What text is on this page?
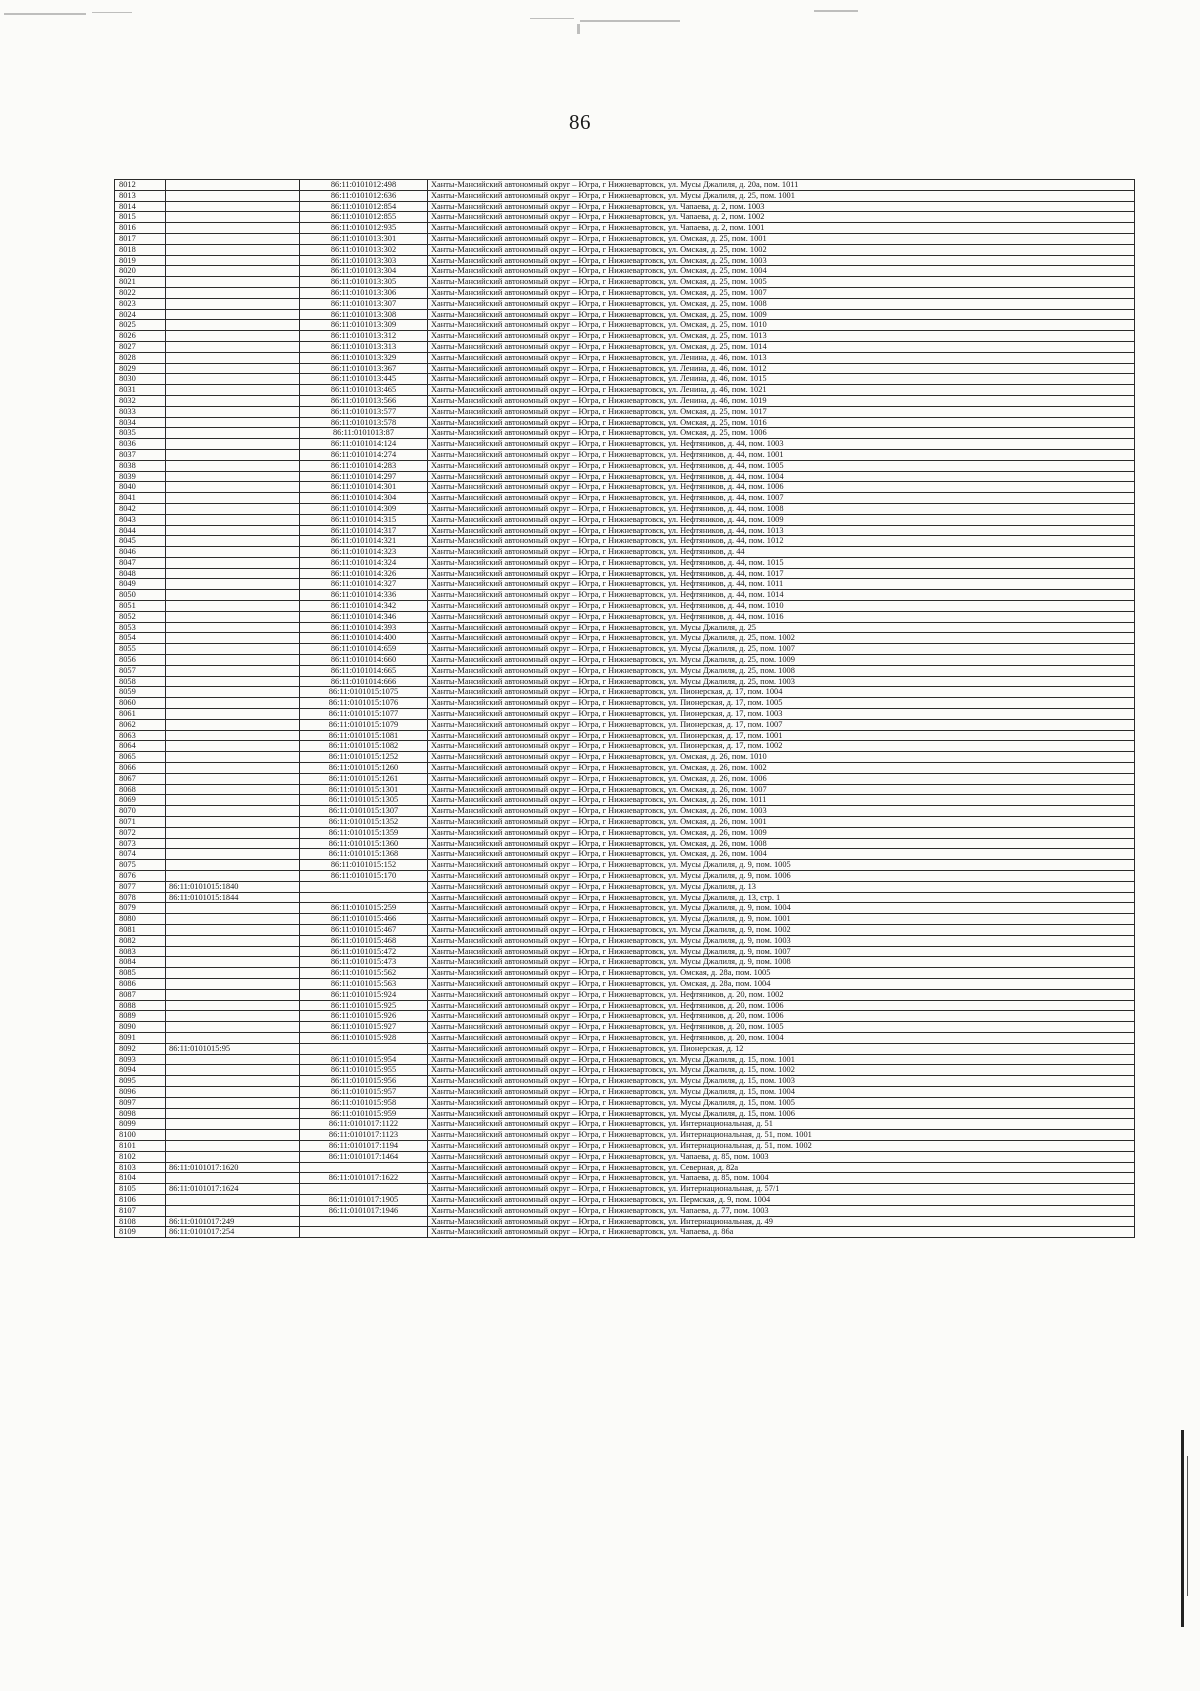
86
8012		86:11:0101012:498	Ханты-Мансийский автономный округ – Югра, г Нижневартовск, ул. Мусы Джалиля, д. 20а, пом. 1011
8013		86:11:0101012:636	Ханты-Мансийский автономный округ – Югра, г Нижневартовск, ул. Мусы Джалиля, д. 25, пом. 1001
8014		86:11:0101012:854	Ханты-Мансийский автономный округ – Югра, г Нижневартовск, ул. Чапаева, д. 2, пом. 1003
8015		86:11:0101012:855	Ханты-Мансийский автономный округ – Югра, г Нижневартовск, ул. Чапаева, д. 2, пом. 1002
8016		86:11:0101012:935	Ханты-Мансийский автономный округ – Югра, г Нижневартовск, ул. Чапаева, д. 2, пом. 1001
8017		86:11:0101013:301	Ханты-Мансийский автономный округ – Югра, г Нижневартовск, ул. Омская, д. 25, пом. 1001
8018		86:11:0101013:302	Ханты-Мансийский автономный округ – Югра, г Нижневартовск, ул. Омская, д. 25, пом. 1002
8019		86:11:0101013:303	Ханты-Мансийский автономный округ – Югра, г Нижневартовск, ул. Омская, д. 25, пом. 1003
8020		86:11:0101013:304	Ханты-Мансийский автономный округ – Югра, г Нижневартовск, ул. Омская, д. 25, пом. 1004
8021		86:11:0101013:305	Ханты-Мансийский автономный округ – Югра, г Нижневартовск, ул. Омская, д. 25, пом. 1005
8022		86:11:0101013:306	Ханты-Мансийский автономный округ – Югра, г Нижневартовск, ул. Омская, д. 25, пом. 1007
8023		86:11:0101013:307	Ханты-Мансийский автономный округ – Югра, г Нижневартовск, ул. Омская, д. 25, пом. 1008
8024		86:11:0101013:308	Ханты-Мансийский автономный округ – Югра, г Нижневартовск, ул. Омская, д. 25, пом. 1009
8025		86:11:0101013:309	Ханты-Мансийский автономный округ – Югра, г Нижневартовск, ул. Омская, д. 25, пом. 1010
8026		86:11:0101013:312	Ханты-Мансийский автономный округ – Югра, г Нижневартовск, ул. Омская, д. 25, пом. 1013
8027		86:11:0101013:313	Ханты-Мансийский автономный округ – Югра, г Нижневартовск, ул. Омская, д. 25, пом. 1014
8028		86:11:0101013:329	Ханты-Мансийский автономный округ – Югра, г Нижневартовск, ул. Ленина, д. 46, пом. 1013
8029		86:11:0101013:367	Ханты-Мансийский автономный округ – Югра, г Нижневартовск, ул. Ленина, д. 46, пом. 1012
8030		86:11:0101013:445	Ханты-Мансийский автономный округ – Югра, г Нижневартовск, ул. Ленина, д. 46, пом. 1015
8031		86:11:0101013:465	Ханты-Мансийский автономный округ – Югра, г Нижневартовск, ул. Ленина, д. 46, пом. 1021
8032		86:11:0101013:566	Ханты-Мансийский автономный округ – Югра, г Нижневартовск, ул. Ленина, д. 46, пом. 1019
8033		86:11:0101013:577	Ханты-Мансийский автономный округ – Югра, г Нижневартовск, ул. Омская, д. 25, пом. 1017
8034		86:11:0101013:578	Ханты-Мансийский автономный округ – Югра, г Нижневартовск, ул. Омская, д. 25, пом. 1016
8035		86:11:0101013:87	Ханты-Мансийский автономный округ – Югра, г Нижневартовск, ул. Омская, д. 25, пом. 1006
8036		86:11:0101014:124	Ханты-Мансийский автономный округ – Югра, г Нижневартовск, ул. Нефтяников, д. 44, пом. 1003
8037		86:11:0101014:274	Ханты-Мансийский автономный округ – Югра, г Нижневартовск, ул. Нефтяников, д. 44, пом. 1001
8038		86:11:0101014:283	Ханты-Мансийский автономный округ – Югра, г Нижневартовск, ул. Нефтяников, д. 44, пом. 1005
8039		86:11:0101014:297	Ханты-Мансийский автономный округ – Югра, г Нижневартовск, ул. Нефтяников, д. 44, пом. 1004
8040		86:11:0101014:301	Ханты-Мансийский автономный округ – Югра, г Нижневартовск, ул. Нефтяников, д. 44, пом. 1006
8041		86:11:0101014:304	Ханты-Мансийский автономный округ – Югра, г Нижневартовск, ул. Нефтяников, д. 44, пом. 1007
8042		86:11:0101014:309	Ханты-Мансийский автономный округ – Югра, г Нижневартовск, ул. Нефтяников, д. 44, пом. 1008
8043		86:11:0101014:315	Ханты-Мансийский автономный округ – Югра, г Нижневартовск, ул. Нефтяников, д. 44, пом. 1009
8044		86:11:0101014:317	Ханты-Мансийский автономный округ – Югра, г Нижневартовск, ул. Нефтяников, д. 44, пом. 1013
8045		86:11:0101014:321	Ханты-Мансийский автономный округ – Югра, г Нижневартовск, ул. Нефтяников, д. 44, пом. 1012
8046		86:11:0101014:323	Ханты-Мансийский автономный округ – Югра, г Нижневартовск, ул. Нефтяников, д. 44
8047		86:11:0101014:324	Ханты-Мансийский автономный округ – Югра, г Нижневартовск, ул. Нефтяников, д. 44, пом. 1015
8048		86:11:0101014:326	Ханты-Мансийский автономный округ – Югра, г Нижневартовск, ул. Нефтяников, д. 44, пом. 1017
8049		86:11:0101014:327	Ханты-Мансийский автономный округ – Югра, г Нижневартовск, ул. Нефтяников, д. 44, пом. 1011
8050		86:11:0101014:336	Ханты-Мансийский автономный округ – Югра, г Нижневартовск, ул. Нефтяников, д. 44, пом. 1014
8051		86:11:0101014:342	Ханты-Мансийский автономный округ – Югра, г Нижневартовск, ул. Нефтяников, д. 44, пом. 1010
8052		86:11:0101014:346	Ханты-Мансийский автономный округ – Югра, г Нижневартовск, ул. Нефтяников, д. 44, пом. 1016
8053		86:11:0101014:393	Ханты-Мансийский автономный округ – Югра, г Нижневартовск, ул. Мусы Джалиля, д. 25
8054		86:11:0101014:400	Ханты-Мансийский автономный округ – Югра, г Нижневартовск, ул. Мусы Джалиля, д. 25, пом. 1002
8055		86:11:0101014:659	Ханты-Мансийский автономный округ – Югра, г Нижневартовск, ул. Мусы Джалиля, д. 25, пом. 1007
8056		86:11:0101014:660	Ханты-Мансийский автономный округ – Югра, г Нижневартовск, ул. Мусы Джалиля, д. 25, пом. 1009
8057		86:11:0101014:665	Ханты-Мансийский автономный округ – Югра, г Нижневартовск, ул. Мусы Джалиля, д. 25, пом. 1008
8058		86:11:0101014:666	Ханты-Мансийский автономный округ – Югра, г Нижневартовск, ул. Мусы Джалиля, д. 25, пом. 1003
8059		86:11:0101015:1075	Ханты-Мансийский автономный округ – Югра, г Нижневартовск, ул. Пионерская, д. 17, пом. 1004
8060		86:11:0101015:1076	Ханты-Мансийский автономный округ – Югра, г Нижневартовск, ул. Пионерская, д. 17, пом. 1005
8061		86:11:0101015:1077	Ханты-Мансийский автономный округ – Югра, г Нижневартовск, ул. Пионерская, д. 17, пом. 1003
8062		86:11:0101015:1079	Ханты-Мансийский автономный округ – Югра, г Нижневартовск, ул. Пионерская, д. 17, пом. 1007
8063		86:11:0101015:1081	Ханты-Мансийский автономный округ – Югра, г Нижневартовск, ул. Пионерская, д. 17, пом. 1001
8064		86:11:0101015:1082	Ханты-Мансийский автономный округ – Югра, г Нижневартовск, ул. Пионерская, д. 17, пом. 1002
8065		86:11:0101015:1252	Ханты-Мансийский автономный округ – Югра, г Нижневартовск, ул. Омская, д. 26, пом. 1010
8066		86:11:0101015:1260	Ханты-Мансийский автономный округ – Югра, г Нижневартовск, ул. Омская, д. 26, пом. 1002
8067		86:11:0101015:1261	Ханты-Мансийский автономный округ – Югра, г Нижневартовск, ул. Омская, д. 26, пом. 1006
8068		86:11:0101015:1301	Ханты-Мансийский автономный округ – Югра, г Нижневартовск, ул. Омская, д. 26, пом. 1007
8069		86:11:0101015:1305	Ханты-Мансийский автономный округ – Югра, г Нижневартовск, ул. Омская, д. 26, пом. 1011
8070		86:11:0101015:1307	Ханты-Мансийский автономный округ – Югра, г Нижневартовск, ул. Омская, д. 26, пом. 1003
8071		86:11:0101015:1352	Ханты-Мансийский автономный округ – Югра, г Нижневартовск, ул. Омская, д. 26, пом. 1001
8072		86:11:0101015:1359	Ханты-Мансийский автономный округ – Югра, г Нижневартовск, ул. Омская, д. 26, пом. 1009
8073		86:11:0101015:1360	Ханты-Мансийский автономный округ – Югра, г Нижневартовск, ул. Омская, д. 26, пом. 1008
8074		86:11:0101015:1368	Ханты-Мансийский автономный округ – Югра, г Нижневартовск, ул. Омская, д. 26, пом. 1004
8075		86:11:0101015:152	Ханты-Мансийский автономный округ – Югра, г Нижневартовск, ул. Мусы Джалиля, д. 9, пом. 1005
8076		86:11:0101015:170	Ханты-Мансийский автономный округ – Югра, г Нижневартовск, ул. Мусы Джалиля, д. 9, пом. 1006
8077	86:11:0101015:1840		Ханты-Мансийский автономный округ – Югра, г Нижневартовск, ул. Мусы Джалиля, д. 13
8078	86:11:0101015:1844		Ханты-Мансийский автономный округ – Югра, г Нижневартовск, ул. Мусы Джалиля, д. 13, стр. 1
8079		86:11:0101015:259	Ханты-Мансийский автономный округ – Югра, г Нижневартовск, ул. Мусы Джалиля, д. 9, пом. 1004
8080		86:11:0101015:466	Ханты-Мансийский автономный округ – Югра, г Нижневартовск, ул. Мусы Джалиля, д. 9, пом. 1001
8081		86:11:0101015:467	Ханты-Мансийский автономный округ – Югра, г Нижневартовск, ул. Мусы Джалиля, д. 9, пом. 1002
8082		86:11:0101015:468	Ханты-Мансийский автономный округ – Югра, г Нижневартовск, ул. Мусы Джалиля, д. 9, пом. 1003
8083		86:11:0101015:472	Ханты-Мансийский автономный округ – Югра, г Нижневартовск, ул. Мусы Джалиля, д. 9, пом. 1007
8084		86:11:0101015:473	Ханты-Мансийский автономный округ – Югра, г Нижневартовск, ул. Мусы Джалиля, д. 9, пом. 1008
8085		86:11:0101015:562	Ханты-Мансийский автономный округ – Югра, г Нижневартовск, ул. Омская, д. 28а, пом. 1005
8086		86:11:0101015:563	Ханты-Мансийский автономный округ – Югра, г Нижневартовск, ул. Омская, д. 28а, пом. 1004
8087		86:11:0101015:924	Ханты-Мансийский автономный округ – Югра, г Нижневартовск, ул. Нефтяников, д. 20, пом. 1002
8088		86:11:0101015:925	Ханты-Мансийский автономный округ – Югра, г Нижневартовск, ул. Нефтяников, д. 20, пом. 1006
8089		86:11:0101015:926	Ханты-Мансийский автономный округ – Югра, г Нижневартовск, ул. Нефтяников, д. 20, пом. 1006
8090		86:11:0101015:927	Ханты-Мансийский автономный округ – Югра, г Нижневартовск, ул. Нефтяников, д. 20, пом. 1005
8091		86:11:0101015:928	Ханты-Мансийский автономный округ – Югра, г Нижневартовск, ул. Нефтяников, д. 20, пом. 1004
8092	86:11:0101015:95		Ханты-Мансийский автономный округ – Югра, г Нижневартовск, ул. Пионерская, д. 12
8093		86:11:0101015:954	Ханты-Мансийский автономный округ – Югра, г Нижневартовск, ул. Мусы Джалиля, д. 15, пом. 1001
8094		86:11:0101015:955	Ханты-Мансийский автономный округ – Югра, г Нижневартовск, ул. Мусы Джалиля, д. 15, пом. 1002
8095		86:11:0101015:956	Ханты-Мансийский автономный округ – Югра, г Нижневартовск, ул. Мусы Джалиля, д. 15, пом. 1003
8096		86:11:0101015:957	Ханты-Мансийский автономный округ – Югра, г Нижневартовск, ул. Мусы Джалиля, д. 15, пом. 1004
8097		86:11:0101015:958	Ханты-Мансийский автономный округ – Югра, г Нижневартовск, ул. Мусы Джалиля, д. 15, пом. 1005
8098		86:11:0101015:959	Ханты-Мансийский автономный округ – Югра, г Нижневартовск, ул. Мусы Джалиля, д. 15, пом. 1006
8099		86:11:0101017:1122	Ханты-Мансийский автономный округ – Югра, г Нижневартовск, ул. Интернациональная, д. 51
8100		86:11:0101017:1123	Ханты-Мансийский автономный округ – Югра, г Нижневартовск, ул. Интернациональная, д. 51, пом. 1001
8101		86:11:0101017:1194	Ханты-Мансийский автономный округ – Югра, г Нижневартовск, ул. Интернациональная, д. 51, пом. 1002
8102		86:11:0101017:1464	Ханты-Мансийский автономный округ – Югра, г Нижневартовск, ул. Чапаева, д. 85, пом. 1003
8103	86:11:0101017:1620		Ханты-Мансийский автономный округ – Югра, г Нижневартовск, ул. Северная, д. 82а
8104		86:11:0101017:1622	Ханты-Мансийский автономный округ – Югра, г Нижневартовск, ул. Чапаева, д. 85, пом. 1004
8105	86:11:0101017:1624		Ханты-Мансийский автономный округ – Югра, г Нижневартовск, ул. Интернациональная, д. 57/1
8106		86:11:0101017:1905	Ханты-Мансийский автономный округ – Югра, г Нижневартовск, ул. Пермская, д. 9, пом. 1004
8107		86:11:0101017:1946	Ханты-Мансийский автономный округ – Югра, г Нижневартовск, ул. Чапаева, д. 77, пом. 1003
8108	86:11:0101017:249		Ханты-Мансийский автономный округ – Югра, г Нижневартовск, ул. Интернациональная, д. 49
8109	86:11:0101017:254		Ханты-Мансийский автономный округ – Югра, г Нижневартовск, ул. Чапаева, д. 86а
